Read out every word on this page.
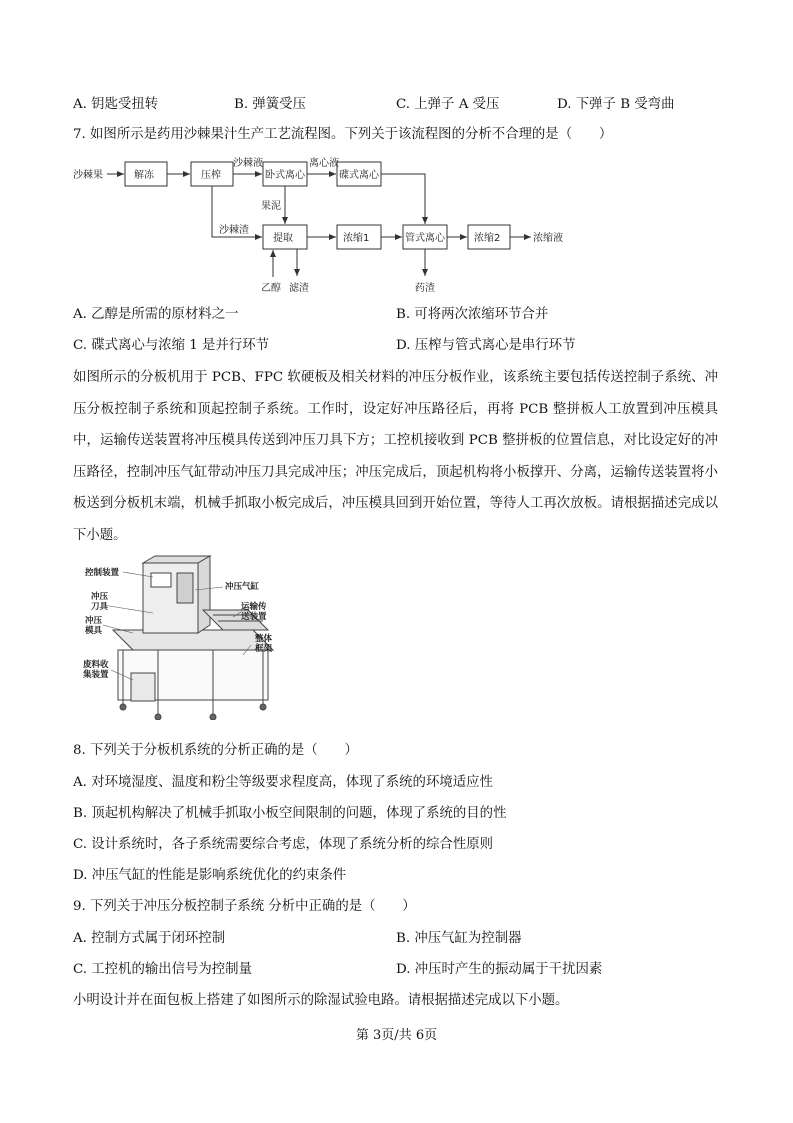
A. 钥匙受扭转	B. 弹簧受压	C. 上弹子 A 受压	D. 下弹子 B 受弯曲
7. 如图所示是药用沙棘果汁生产工艺流程图。下列关于该流程图的分析不合理的是（　　）
沙棘果	解冻	压榨	卧式离心	碟式离心
沙棘液	离心液
果泥
沙棘渣
提取	浓缩1	管式离心	浓缩2	浓缩液
乙醇 滤渣	药渣
A. 乙醇是所需的原材料之一	B. 可将两次浓缩环节合并
C. 碟式离心与浓缩 1 是并行环节	D. 压榨与管式离心是串行环节
如图所示的分板机用于 PCB、FPC 软硬板及相关材料的冲压分板作业，该系统主要包括传送控制子系统、冲压分板控制子系统和顶起控制子系统。工作时，设定好冲压路径后，再将 PCB 整拼板人工放置到冲压模具中，运输传送装置将冲压模具传送到冲压刀具下方；工控机接收到 PCB 整拼板的位置信息，对比设定好的冲压路径，控制冲压气缸带动冲压刀具完成冲压；冲压完成后，顶起机构将小板撑开、分离，运输传送装置将小板送到分板机末端，机械手抓取小板完成后，冲压模具回到开始位置，等待人工再次放板。请根据描述完成以下小题。
控制装置
冲压气缸
冲压
刀具
冲压
模具
废料收
集装置
运输传
送装置
整体
框架
8. 下列关于分板机系统的分析正确的是（　　）
A. 对环境湿度、温度和粉尘等级要求程度高，体现了系统的环境适应性
B. 顶起机构解决了机械手抓取小板空间限制的问题，体现了系统的目的性
C. 设计系统时，各子系统需要综合考虑，体现了系统分析的综合性原则
D. 冲压气缸的性能是影响系统优化的约束条件
9. 下列关于冲压分板控制子系统 分析中正确的是（　　）
A. 控制方式属于闭环控制	B. 冲压气缸为控制器
C. 工控机的输出信号为控制量	D. 冲压时产生的振动属于干扰因素
小明设计并在面包板上搭建了如图所示的除湿试验电路。请根据描述完成以下小题。
第 3页/共 6页
